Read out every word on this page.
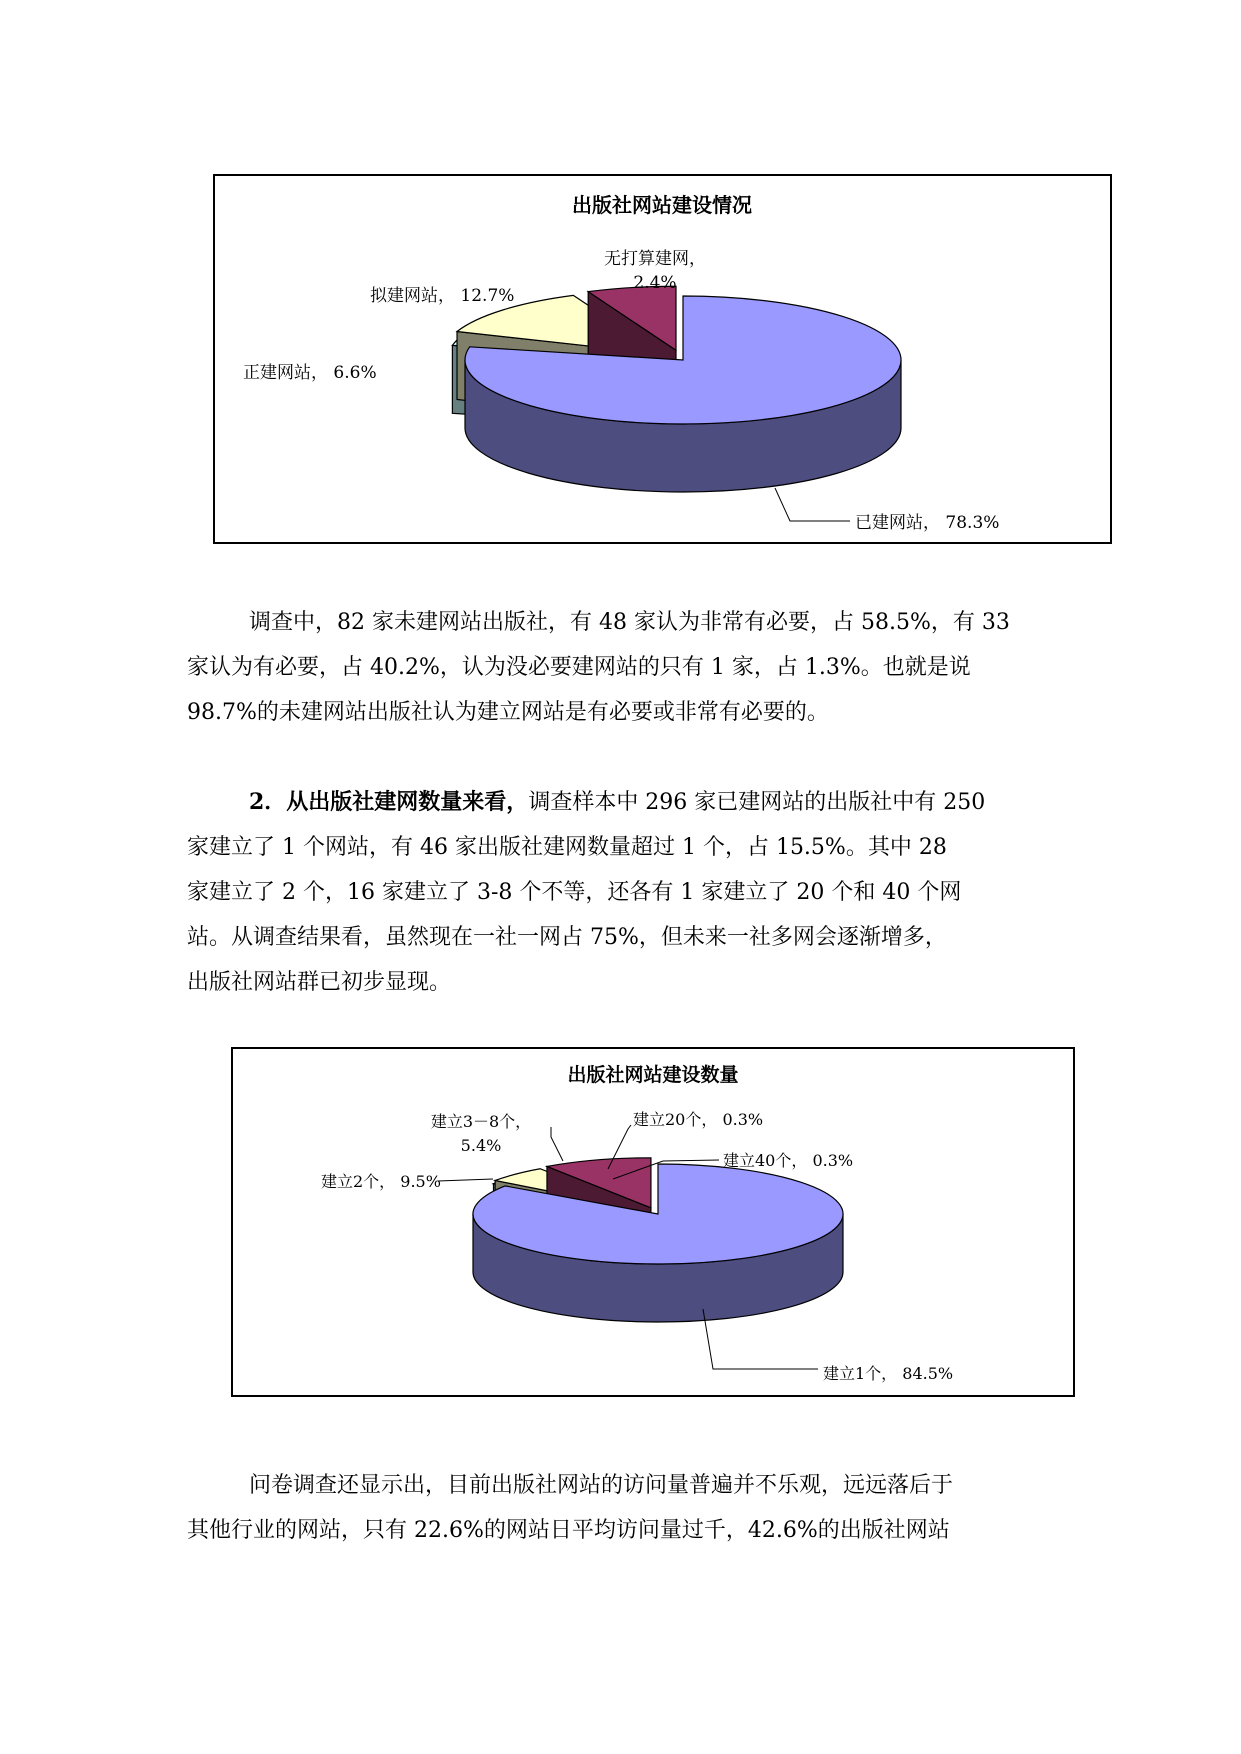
出版社网站建设情况
已建网站， 78.3%
无打算建网，
2.4%
拟建网站， 12.7%
正建网站， 6.6%
调查中，82 家未建网站出版社，有 48 家认为非常有必要，占 58.5%，有 33
家认为有必要，占 40.2%，认为没必要建网站的只有 1 家，占 1.3%。也就是说
98.7%的未建网站出版社认为建立网站是有必要或非常有必要的。
2．从出版社建网数量来看，调查样本中 296 家已建网站的出版社中有 250
家建立了 1 个网站，有 46 家出版社建网数量超过 1 个，占 15.5%。其中 28
家建立了 2 个，16 家建立了 3-8 个不等，还各有 1 家建立了 20 个和 40 个网
站。从调查结果看，虽然现在一社一网占 75%，但未来一社多网会逐渐增多，
出版社网站群已初步显现。
出版社网站建设数量
建立1个， 84.5%
建立40个， 0.3%
建立20个， 0.3%
建立3－8个，
5.4%
建立2个， 9.5%
问卷调查还显示出，目前出版社网站的访问量普遍并不乐观，远远落后于
其他行业的网站，只有 22.6%的网站日平均访问量过千，42.6%的出版社网站
